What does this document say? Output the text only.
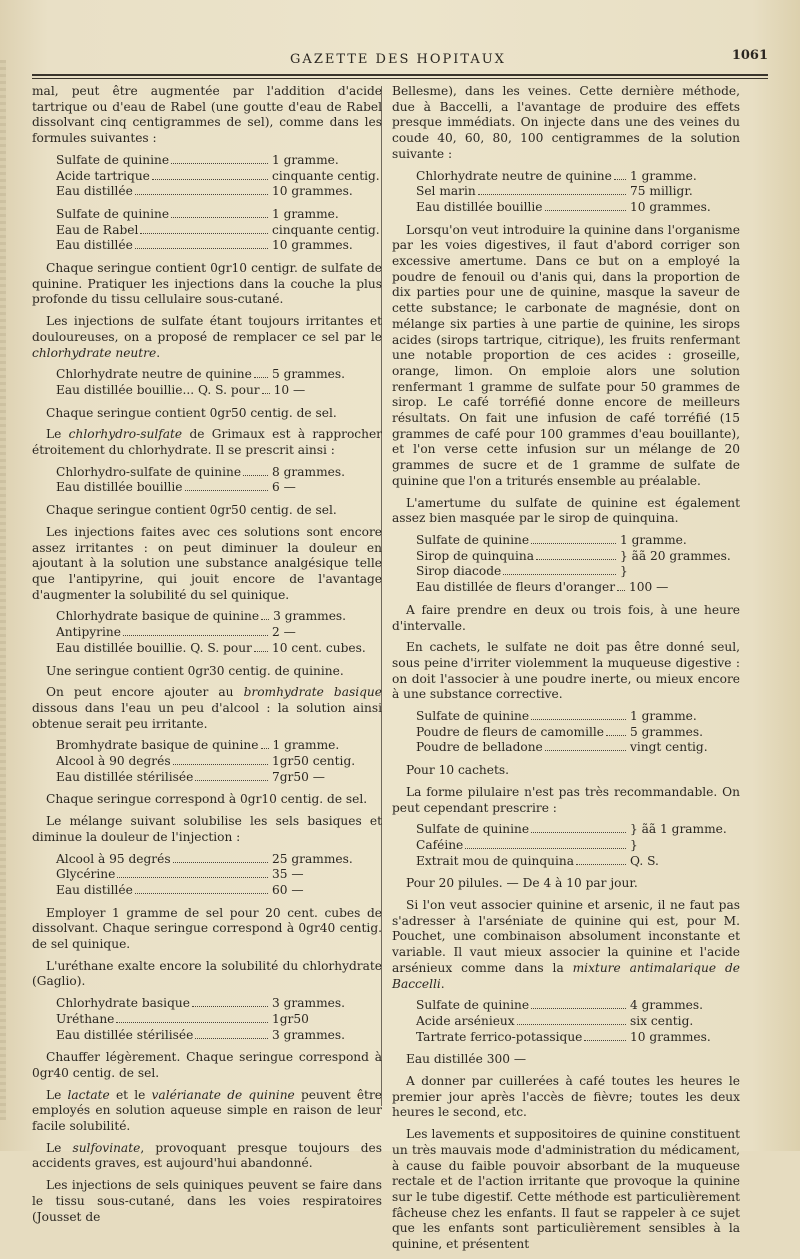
GAZETTE DES HOPITAUX	1061

mal, peut être augmentée par l'addition d'acide tartrique ou d'eau de Rabel (une goutte d'eau de Rabel dissolvant cinq centigrammes de sel), comme dans les formules suivantes :

Sulfate de quinine	1 gramme.
Acide tartrique	cinquante centig.
Eau distillée	10 grammes.
Sulfate de quinine	1 gramme.
Eau de Rabel	cinquante centig.
Eau distillée	10 grammes.

Chaque seringue contient 0gr10 centigr. de sulfate de quinine. Pratiquer les injections dans la couche la plus profonde du tissu cellulaire sous-cutané.

Les injections de sulfate étant toujours irritantes et douloureuses, on a proposé de remplacer ce sel par le chlorhydrate neutre.

Chlorhydrate neutre de quinine 5 grammes.
Eau distillée bouillie... Q. S. pour 10 —

Chaque seringue contient 0gr50 centig. de sel.

Le chlorhydro-sulfate de Grimaux est à rapprocher étroitement du chlorhydrate. Il se prescrit ainsi :

Chlorhydro-sulfate de quinine	8 grammes.
Eau distillée bouillie	6 —

Chaque seringue contient 0gr50 centig. de sel.

Les injections faites avec ces solutions sont encore assez irritantes : on peut diminuer la douleur en ajoutant à la solution une substance analgésique telle que l'antipyrine, qui jouit encore de l'avantage d'augmenter la solubilité du sel quinique.

Chlorhydrate basique de quinine 3 grammes.
Antipyrine	2 —
Eau distillée bouillie. Q. S. pour 10 cent. cubes.

Une seringue contient 0gr30 centig. de quinine.

On peut encore ajouter au bromhydrate basique dissous dans l'eau un peu d'alcool : la solution ainsi obtenue serait peu irritante.

Bromhydrate basique de quinine 1 gramme.
Alcool à 90 degrés	1gr50 centig.
Eau distillée stérilisée	7gr50 —

Chaque seringue correspond à 0gr10 centig. de sel.

Le mélange suivant solubilise les sels basiques et diminue la douleur de l'injection :

Alcool à 95 degrés	25 grammes.
Glycérine	35 —
Eau distillée	60 —

Employer 1 gramme de sel pour 20 cent. cubes de dissolvant. Chaque seringue correspond à 0gr40 centig. de sel quinique.

L'uréthane exalte encore la solubilité du chlorhydrate (Gaglio).

Chlorhydrate basique	3 grammes.
Uréthane	1gr50
Eau distillée stérilisée	3 grammes.

Chauffer légèrement. Chaque seringue correspond à 0gr40 centig. de sel.

Le lactate et le valérianate de quinine peuvent être employés en solution aqueuse simple en raison de leur facile solubilité.

Le sulfovinate, provoquant presque toujours des accidents graves, est aujourd'hui abandonné.

Les injections de sels quiniques peuvent se faire dans le tissu sous-cutané, dans les voies respiratoires (Jousset de

Bellesme), dans les veines. Cette dernière méthode, due à Baccelli, a l'avantage de produire des effets presque immédiats. On injecte dans une des veines du coude 40, 60, 80, 100 centigrammes de la solution suivante :

Chlorhydrate neutre de quinine 1 gramme.
Sel marin	75 milligr.
Eau distillée bouillie	10 grammes.

Lorsqu'on veut introduire la quinine dans l'organisme par les voies digestives, il faut d'abord corriger son excessive amertume. Dans ce but on a employé la poudre de fenouil ou d'anis qui, dans la proportion de dix parties pour une de quinine, masque la saveur de cette substance; le carbonate de magnésie, dont on mélange six parties à une partie de quinine, les sirops acides (sirops tartrique, citrique), les fruits renfermant une notable proportion de ces acides : groseille, orange, limon. On emploie alors une solution renfermant 1 gramme de sulfate pour 50 grammes de sirop. Le café torréfié donne encore de meilleurs résultats. On fait une infusion de café torréfié (15 grammes de café pour 100 grammes d'eau bouillante), et l'on verse cette infusion sur un mélange de 20 grammes de sucre et de 1 gramme de sulfate de quinine que l'on a triturés ensemble au préalable.

L'amertume du sulfate de quinine est également assez bien masquée par le sirop de quinquina.

Sulfate de quinine	1 gramme.
Sirop de quinquina	} ãã 20 grammes.
Sirop diacode	}
Eau distillée de fleurs d'oranger 100 —

A faire prendre en deux ou trois fois, à une heure d'intervalle.

En cachets, le sulfate ne doit pas être donné seul, sous peine d'irriter violemment la muqueuse digestive : on doit l'associer à une poudre inerte, ou mieux encore à une substance corrective.

Sulfate de quinine	1 gramme.
Poudre de fleurs de camomille 5 grammes.
Poudre de belladone	vingt centig.

Pour 10 cachets.

La forme pilulaire n'est pas très recommandable. On peut cependant prescrire :

Sulfate de quinine	} ãã 1 gramme.
Caféine	}
Extrait mou de quinquina	Q. S.

Pour 20 pilules. — De 4 à 10 par jour.

Si l'on veut associer quinine et arsenic, il ne faut pas s'adresser à l'arséniate de quinine qui est, pour M. Pouchet, une combinaison absolument inconstante et variable. Il vaut mieux associer la quinine et l'acide arsénieux comme dans la mixture antimalarique de Baccelli.

Sulfate de quinine	4 grammes.
Acide arsénieux	six centig.
Tartrate ferrico-potassique	10 grammes.

Eau distillée 300 —

A donner par cuillerées à café toutes les heures le premier jour après l'accès de fièvre; toutes les deux heures le second, etc.

Les lavements et suppositoires de quinine constituent un très mauvais mode d'administration du médicament, à cause du faible pouvoir absorbant de la muqueuse rectale et de l'action irritante que provoque la quinine sur le tube digestif. Cette méthode est particulièrement fâcheuse chez les enfants. Il faut se rappeler à ce sujet que les enfants sont particulièrement sensibles à la quinine, et présentent
